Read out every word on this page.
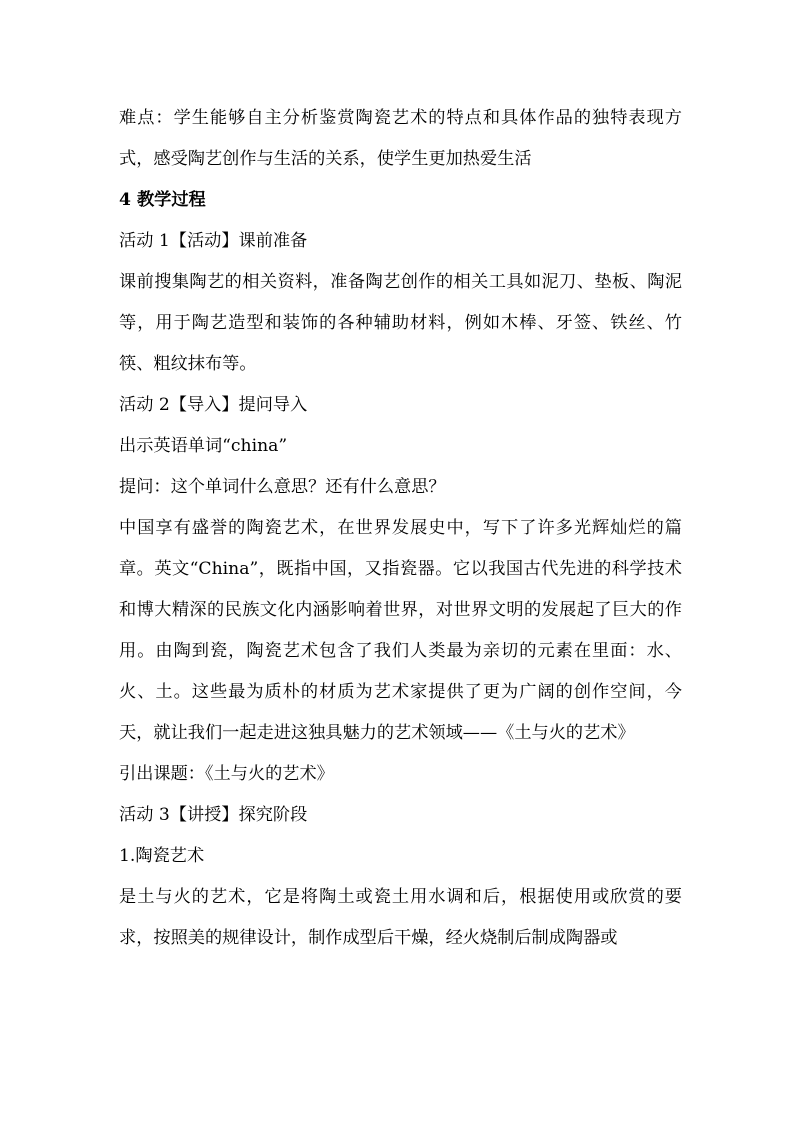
难点：学生能够自主分析鉴赏陶瓷艺术的特点和具体作品的独特表现方式，感受陶艺创作与生活的关系，使学生更加热爱生活

4 教学过程

活动 1【活动】课前准备

课前搜集陶艺的相关资料，准备陶艺创作的相关工具如泥刀、垫板、陶泥等，用于陶艺造型和装饰的各种辅助材料，例如木棒、牙签、铁丝、竹筷、粗纹抹布等。

活动 2【导入】提问导入

出示英语单词“china”

提问：这个单词什么意思？还有什么意思？

中国享有盛誉的陶瓷艺术，在世界发展史中，写下了许多光辉灿烂的篇章。英文“China”，既指中国，又指瓷器。它以我国古代先进的科学技术和博大精深的民族文化内涵影响着世界，对世界文明的发展起了巨大的作用。由陶到瓷，陶瓷艺术包含了我们人类最为亲切的元素在里面：水、火、土。这些最为质朴的材质为艺术家提供了更为广阔的创作空间，今天，就让我们一起走进这独具魅力的艺术领域——《土与火的艺术》

引出课题：《土与火的艺术》

活动 3【讲授】探究阶段

1.陶瓷艺术

是土与火的艺术，它是将陶土或瓷土用水调和后，根据使用或欣赏的要求，按照美的规律设计，制作成型后干燥，经火烧制后制成陶器或
